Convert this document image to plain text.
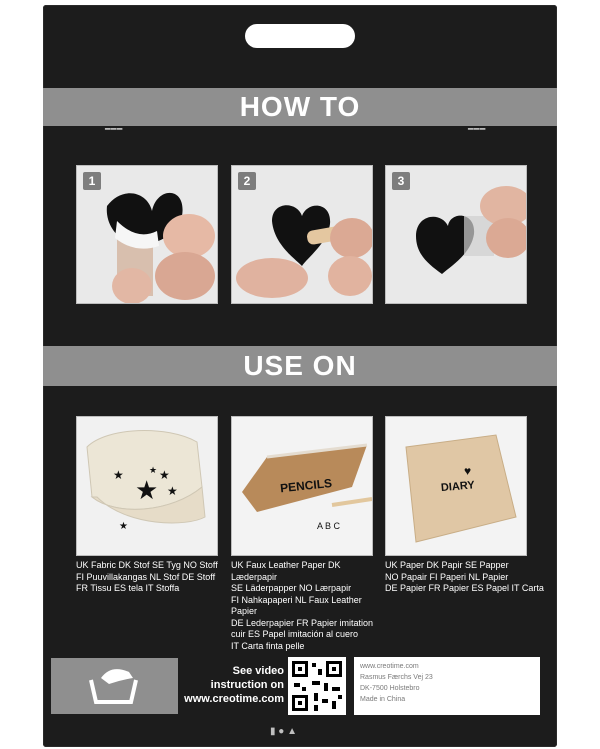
HOW TO
━ ━ ━	━ ━ ━
1	2	3
USE ON
★
★	★
★
★
★
PENCILS
A B C
♥
DIARY
UK Fabric DK Stof SE Tyg NO Stoff
FI Puuvillakangas NL Stof DE Stoff
FR Tissu ES tela IT Stoffa
UK Faux Leather Paper DK Læderpapir
SE Läderpapper NO Lærpapir
FI Nahkapaperi NL Faux Leather Papier
DE Lederpapier FR Papier imitation
cuir ES Papel imitación al cuero
IT Carta finta pelle
UK Paper DK Papir SE Papper
NO Papair FI Paperi NL Papier
DE Papier FR Papier ES Papel IT Carta
See video
instruction on
www.creotime.com
www.creotime.com
Rasmus Færchs Vej 23
DK-7500 Holstebro
Made in China
▮ ● ▲
